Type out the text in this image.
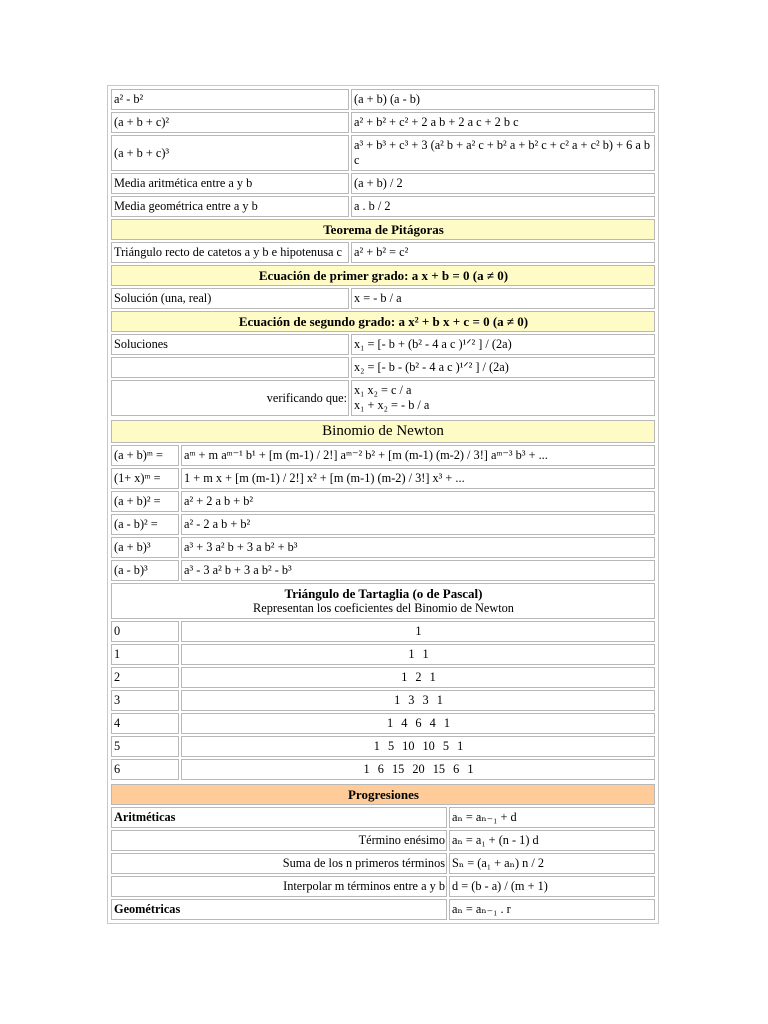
a² - b²	(a + b) (a - b)
(a + b + c)²	a² + b² + c² + 2 a b + 2 a c + 2 b c
(a + b + c)³	a³ + b³ + c³ + 3 (a² b + a² c + b² a + b² c + c² a + c² b) + 6 a b c
Media aritmética entre a y b	(a + b) / 2
Media geométrica entre a y b	a . b / 2
Teorema de Pitágoras	
Triángulo recto de catetos a y b e hipotenusa c	a² + b² = c²
Ecuación de primer grado: a x + b = 0 (a ≠ 0)	
Solución (una, real)	x = - b / a
Ecuación de segundo grado: a x² + b x + c = 0 (a ≠ 0)	
Soluciones	x₁ = [- b + (b² - 4 a c )¹ᐟ² ] / (2a)
	x₂ = [- b - (b² - 4 a c )¹ᐟ² ] / (2a)
verificando que:	x₁ x₂ = c / a
x₁ + x₂ = - b / a
Binomio de Newton	
(a + b)ᵐ =	aᵐ + m aᵐ⁻¹ b¹ + [m (m-1) / 2!] aᵐ⁻² b² + [m (m-1) (m-2) / 3!] aᵐ⁻³ b³ + ...
(1+ x)ᵐ =	1 + m x + [m (m-1) / 2!] x² + [m (m-1) (m-2) / 3!] x³ + ...
(a + b)² =	a² + 2 a b + b²
(a - b)² =	a² - 2 a b + b²
(a + b)³	a³ + 3 a² b + 3 a b² + b³
(a - b)³	a³ - 3 a² b + 3 a b² - b³

Triángulo de Tartaglia (o de Pascal)
Representan los coeficientes del Binomio de Newton	

0	1
1	1 1
2	1 2 1
3	1 3 3 1
4	1 4 6 4 1
5	1 5 10 10 5 1
6	1 6 15 20 15 6 1
Progresiones	
Aritméticas	aₙ = aₙ₋₁ + d
Término enésimo	aₙ = a₁ + (n - 1) d
Suma de los n primeros términos	Sₙ = (a₁ + aₙ) n / 2
Interpolar m términos entre a y b	d = (b - a) / (m + 1)
Geométricas	aₙ = aₙ₋₁ . r
